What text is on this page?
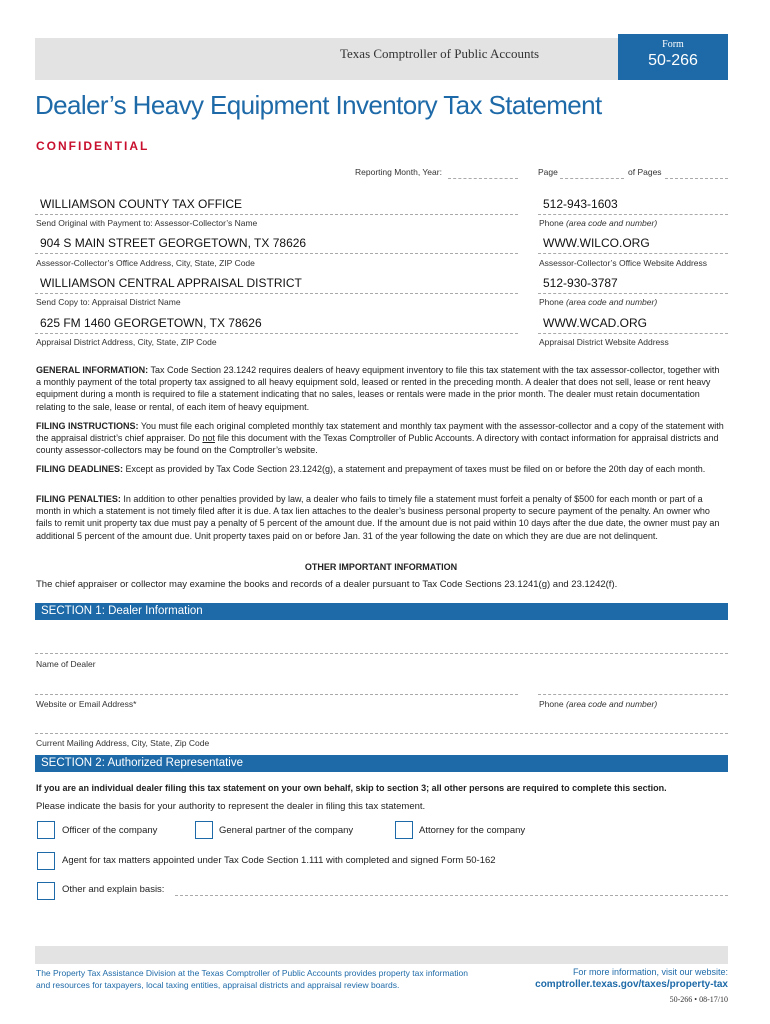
Texas Comptroller of Public Accounts
Form
50-266
Dealer’s Heavy Equipment Inventory Tax Statement
CONFIDENTIAL
Reporting Month, Year:	Page	of Pages
WILLIAMSON COUNTY TAX OFFICE
Send Original with Payment to: Assessor-Collector’s Name
512-943-1603
Phone (area code and number)
904 S MAIN STREET GEORGETOWN, TX 78626
Assessor-Collector’s Office Address, City, State, ZIP Code
WWW.WILCO.ORG
Assessor-Collector’s Office Website Address
WILLIAMSON CENTRAL APPRAISAL DISTRICT
Send Copy to: Appraisal District Name
512-930-3787
Phone (area code and number)
625 FM 1460 GEORGETOWN, TX 78626
Appraisal District Address, City, State, ZIP Code
WWW.WCAD.ORG
Appraisal District Website Address
GENERAL INFORMATION: Tax Code Section 23.1242 requires dealers of heavy equipment inventory to file this tax statement with the tax assessor-collector, together with a monthly payment of the total property tax assigned to all heavy equipment sold, leased or rented in the preceding month. A dealer that does not sell, lease or rent heavy equipment during a month is required to file a statement indicating that no sales, leases or rentals were made in the prior month. The dealer must retain documentation relating to the sale, lease or rental, of each item of heavy equipment.
FILING INSTRUCTIONS: You must file each original completed monthly tax statement and monthly tax payment with the assessor-collector and a copy of the statement with the appraisal district’s chief appraiser. Do not file this document with the Texas Comptroller of Public Accounts. A directory with contact information for appraisal districts and county assessor-collectors may be found on the Comptroller’s website.
FILING DEADLINES: Except as provided by Tax Code Section 23.1242(g), a statement and prepayment of taxes must be filed on or before the 20th day of each month.
FILING PENALTIES: In addition to other penalties provided by law, a dealer who fails to timely file a statement must forfeit a penalty of $500 for each month or part of a month in which a statement is not timely filed after it is due. A tax lien attaches to the dealer’s business personal property to secure payment of the penalty. An owner who fails to remit unit property tax due must pay a penalty of 5 percent of the amount due. If the amount due is not paid within 10 days after the due date, the owner must pay an additional 5 percent of the amount due. Unit property taxes paid on or before Jan. 31 of the year following the date on which they are due are not delinquent.
OTHER IMPORTANT INFORMATION
The chief appraiser or collector may examine the books and records of a dealer pursuant to Tax Code Sections 23.1241(g) and 23.1242(f).
SECTION 1: Dealer Information
Name of Dealer
Website or Email Address*	Phone (area code and number)
Current Mailing Address, City, State, Zip Code
SECTION 2: Authorized Representative
If you are an individual dealer filing this tax statement on your own behalf, skip to section 3; all other persons are required to complete this section.
Please indicate the basis for your authority to represent the dealer in filing this tax statement.
Officer of the company	General partner of the company	Attorney for the company
Agent for tax matters appointed under Tax Code Section 1.111 with completed and signed Form 50-162
Other and explain basis:
The Property Tax Assistance Division at the Texas Comptroller of Public Accounts provides property tax information and resources for taxpayers, local taxing entities, appraisal districts and appraisal review boards.
For more information, visit our website:
comptroller.texas.gov/taxes/property-tax
50-266 • 08-17/10
